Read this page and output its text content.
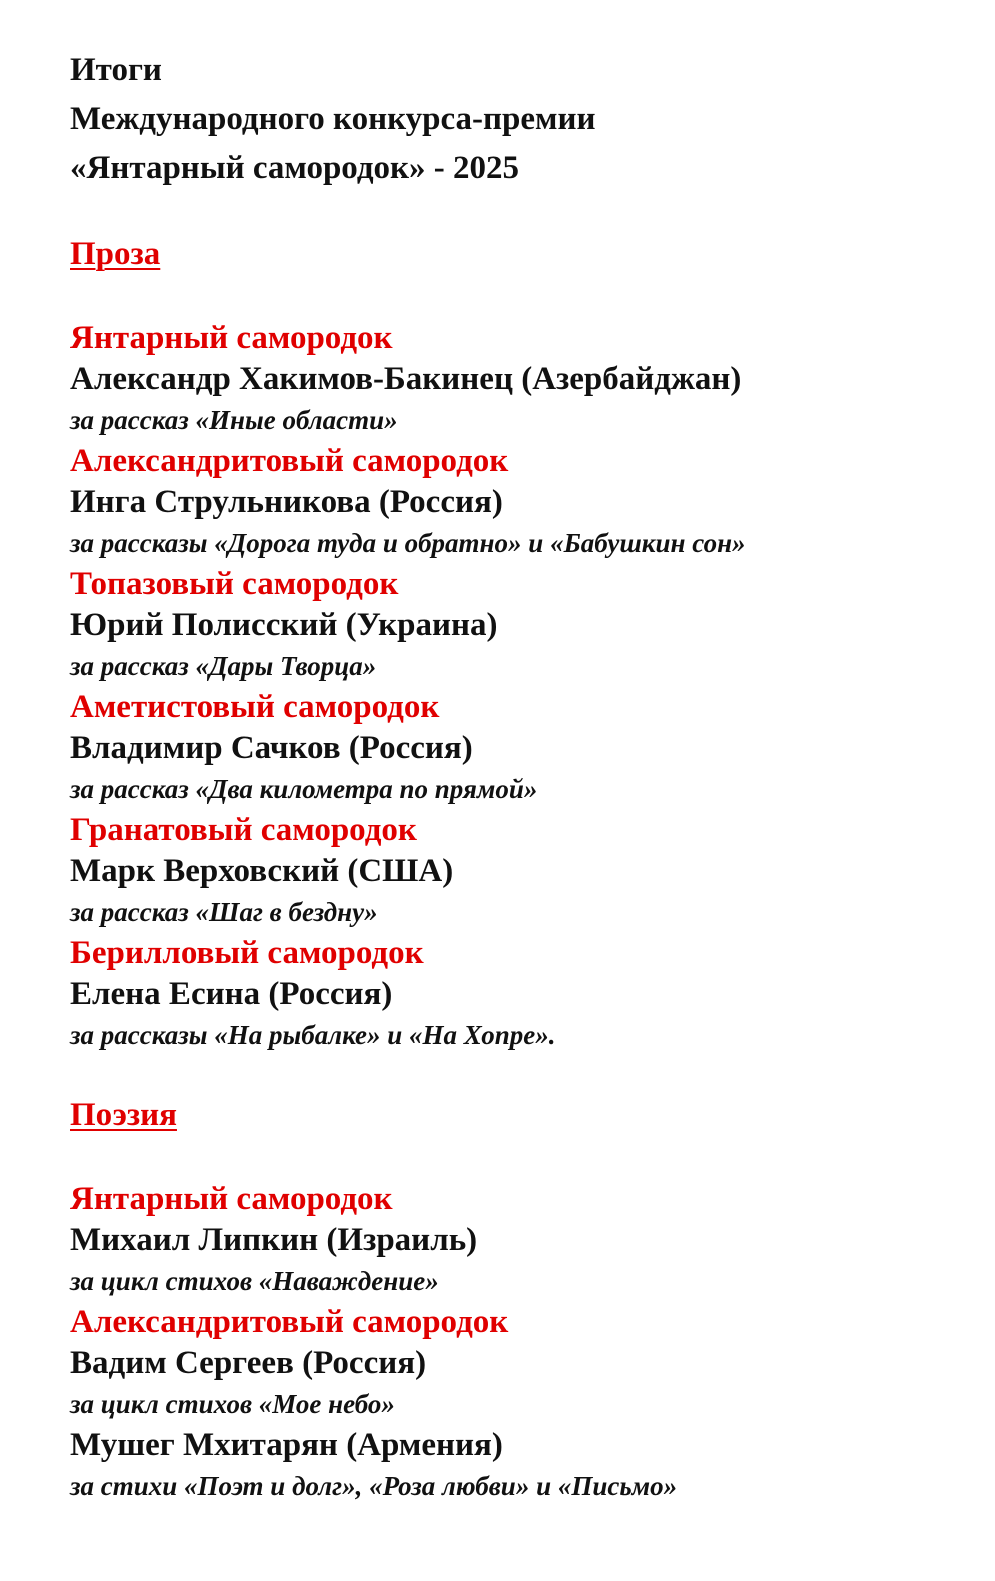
Итоги
Международного конкурса-премии
«Янтарный самородок» - 2025
Проза
Янтарный самородок
Александр Хакимов-Бакинец (Азербайджан)
за рассказ «Иные области»
Александритовый самородок
Инга Струльникова (Россия)
за рассказы «Дорога туда и обратно» и «Бабушкин сон»
Топазовый самородок
Юрий Полисский (Украина)
за рассказ «Дары Творца»
Аметистовый самородок
Владимир Сачков (Россия)
за рассказ «Два километра по прямой»
Гранатовый самородок
Марк Верховский (США)
за рассказ «Шаг в бездну»
Берилловый самородок
Елена Есина (Россия)
за рассказы «На рыбалке» и «На Хопре».
Поэзия
Янтарный самородок
Михаил Липкин (Израиль)
за цикл стихов «Наваждение»
Александритовый самородок
Вадим Сергеев (Россия)
за цикл стихов «Мое небо»
Мушег Мхитарян (Армения)
за стихи «Поэт и долг», «Роза любви» и «Письмо»
